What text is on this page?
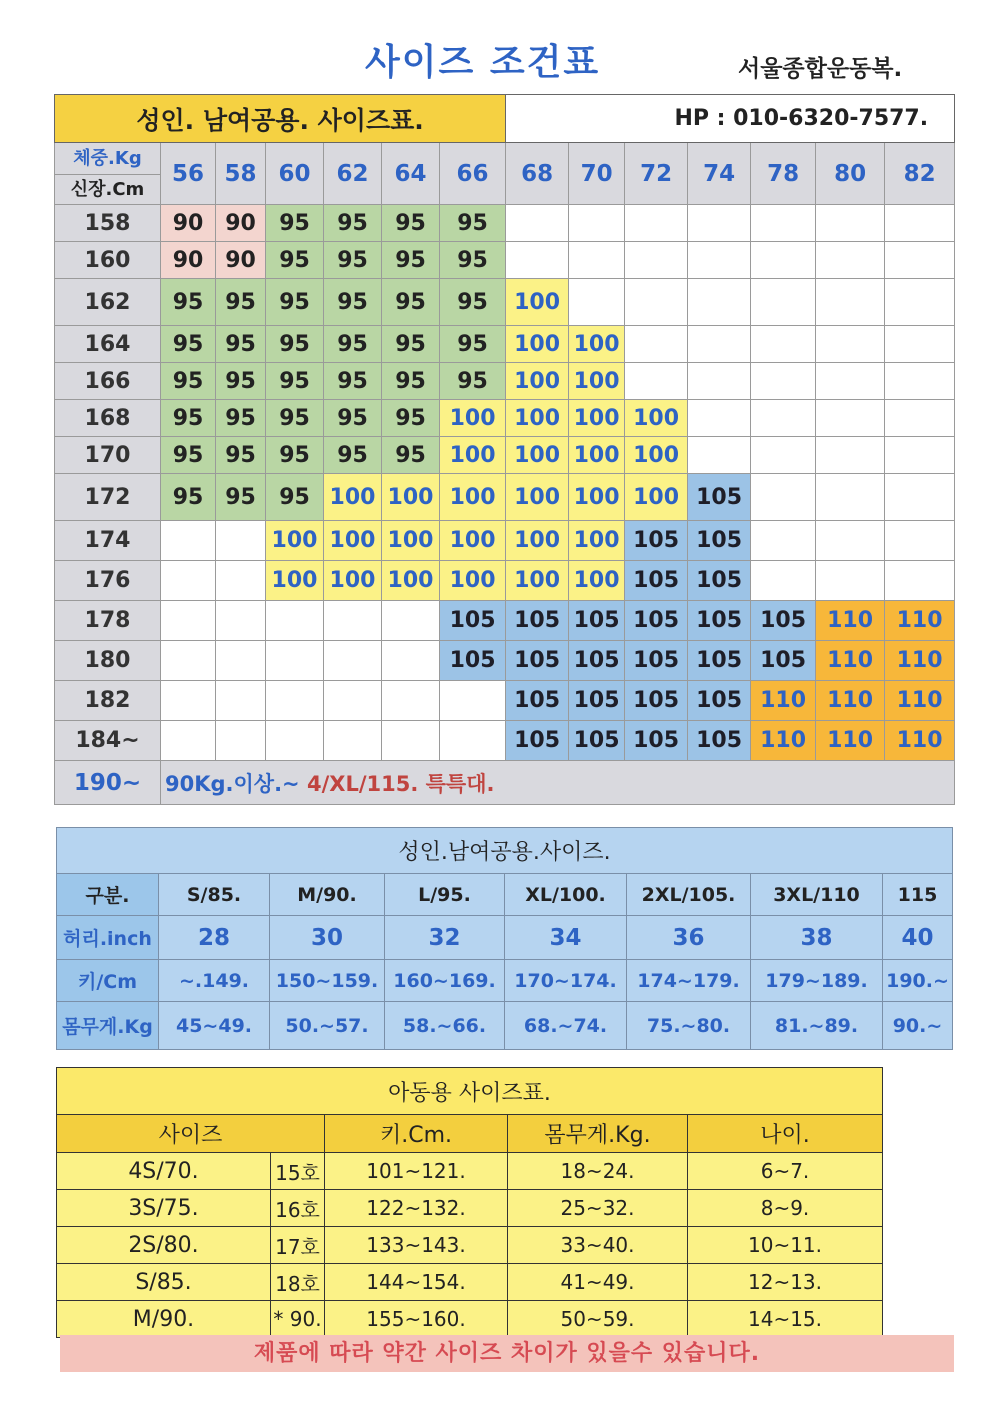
사이즈 조건표	서울종합운동복.
성인. 남여공용. 사이즈표.							HP : 010-6320-7577.						

체중.Kg
신장.Cm	56	58	60	62	64	66	68	70	72	74	78	80	82
158	90	90	95	95	95	95							
160	90	90	95	95	95	95							
162	95	95	95	95	95	95	100						
164	95	95	95	95	95	95	100	100					
166	95	95	95	95	95	95	100	100					
168	95	95	95	95	95	100	100	100	100				
170	95	95	95	95	95	100	100	100	100				
172	95	95	95	100	100	100	100	100	100	105			
174			100	100	100	100	100	100	105	105			
176			100	100	100	100	100	100	105	105			
178						105	105	105	105	105	105	110	110
180						105	105	105	105	105	105	110	110
182							105	105	105	105	110	110	110
184~							105	105	105	105	110	110	110
190~	90Kg.이상.~ 4/XL/115. 특특대.												
성인.남여공용.사이즈.							
구분.	S/85.	M/90.	L/95.	XL/100.	2XL/105.	3XL/110	115
허리.inch	28	30	32	34	36	38	40
키/Cm	~.149.	150~159.	160~169.	170~174.	174~179.	179~189.	190.~
몸무게.Kg	45~49.	50.~57.	58.~66.	68.~74.	75.~80.	81.~89.	90.~
아동용 사이즈표.				
사이즈		키.Cm.	몸무게.Kg.	나이.
4S/70.	15호	101~121.	18~24.	6~7.
3S/75.	16호	122~132.	25~32.	8~9.
2S/80.	17호	133~143.	33~40.	10~11.
S/85.	18호	144~154.	41~49.	12~13.
M/90.	* 90.	155~160.	50~59.	14~15.
제품에 따라 약간 사이즈 차이가 있을수 있습니다.
